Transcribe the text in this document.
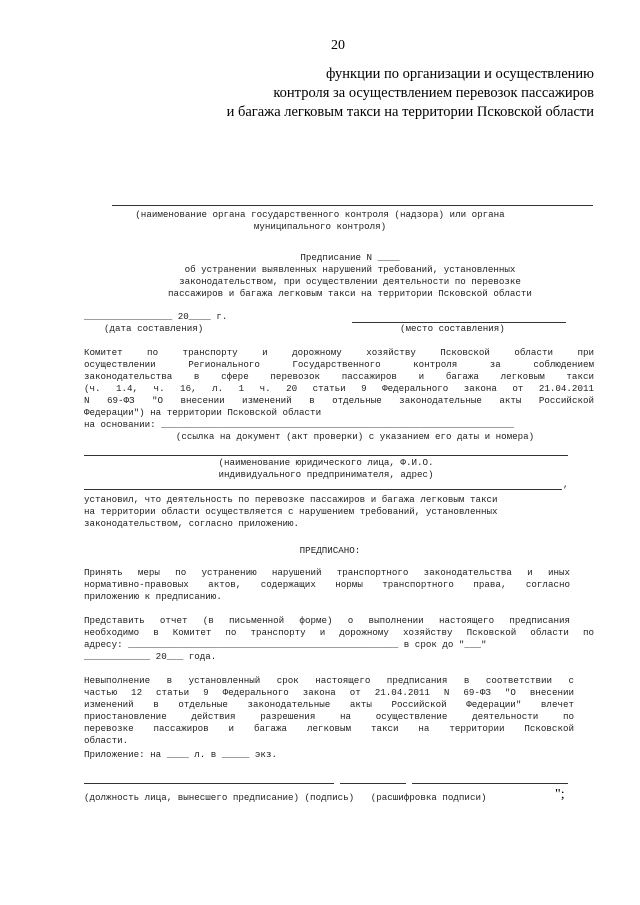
20
функции по организации и осуществлению
контроля за осуществлением перевозок пассажиров
и багажа легковым такси на территории Псковской области
(наименование органа государственного контроля (надзора) или органа
муниципального контроля)
Предписание N ____
об устранении выявленных нарушений требований, установленных
законодательством, при осуществлении деятельности по перевозке
пассажиров и багажа легковым такси на территории Псковской области
________________ 20____ г.
(дата составления)	(место составления)
Комитет по транспорту и дорожному хозяйству Псковской области при
осуществлении Регионального Государственного контроля за соблюдением
законодательства в сфере перевозок пассажиров и багажа легковым такси
(ч. 1.4, ч. 16, л. 1 ч. 20 статьи 9 Федерального закона от 21.04.2011
N 69-ФЗ "О внесении изменений в отдельные законодательные акты Российской
Федерации") на территории Псковской области
на основании: ________________________________________________________________
(ссылка на документ (акт проверки) с указанием его даты и номера)
(наименование юридического лица, Ф.И.О.
индивидуального предпринимателя, адрес)
,
установил, что деятельность по перевозке пассажиров и багажа легковым такси
на территории области осуществляется с нарушением требований, установленных
законодательством, согласно приложению.
ПРЕДПИСАНО:
Принять меры по устранению нарушений транспортного законодательства и иных
нормативно-правовых актов, содержащих нормы транспортного права, согласно
приложению к предписанию.
Представить отчет (в письменной форме) о выполнении настоящего предписания
необходимо в Комитет по транспорту и дорожному хозяйству Псковской области по
адресу: _________________________________________________ в срок до "___"
____________ 20___ года.
Невыполнение в установленный срок настоящего предписания в соответствии с
частью 12 статьи 9 Федерального закона от 21.04.2011 N 69-ФЗ "О внесении
изменений в отдельные законодательные акты Российской Федерации" влечет
приостановление действия разрешения на осуществление деятельности по
перевозке пассажиров и багажа легковым такси на территории Псковской
области.
Приложение: на ____ л. в _____ экз.
(должность лица, вынесшего предписание) (подпись)   (расшифровка подписи)	";
